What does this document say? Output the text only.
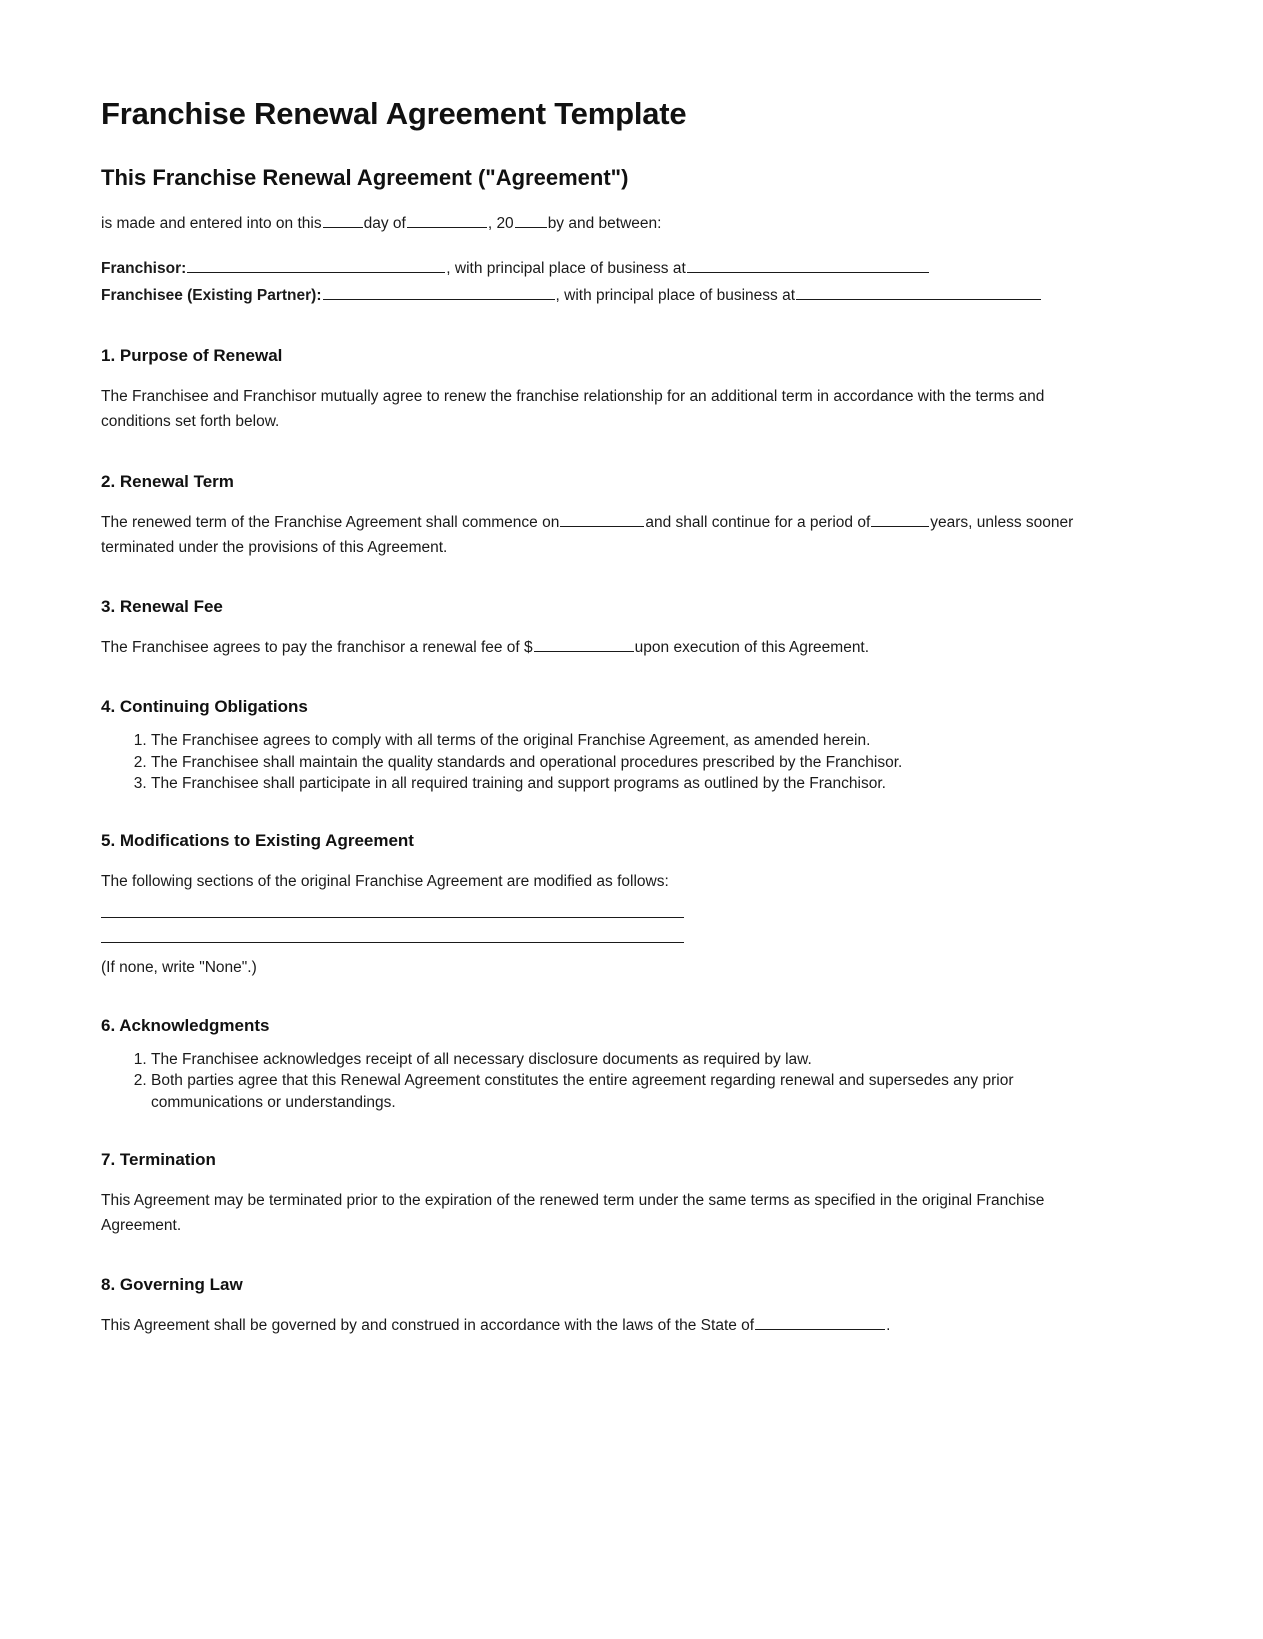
Franchise Renewal Agreement Template
This Franchise Renewal Agreement ("Agreement")

is made and entered into on this	day of	, 20 by and between:

Franchisor:	, with principal place of business at
Franchisee (Existing Partner):	, with principal place of business at
1. Purpose of Renewal

The Franchisee and Franchisor mutually agree to renew the franchise relationship for an additional term in accordance with the terms and conditions set forth below.

2. Renewal Term

The renewed term of the Franchise Agreement shall commence on	and shall continue for a period of	years, unless sooner terminated under the provisions of this Agreement.

3. Renewal Fee

The Franchisee agrees to pay the franchisor a renewal fee of $	upon execution of this Agreement.

4. Continuing Obligations
1. The Franchisee agrees to comply with all terms of the original Franchise Agreement, as amended herein.
2. The Franchisee shall maintain the quality standards and operational procedures prescribed by the Franchisor.
3. The Franchisee shall participate in all required training and support programs as outlined by the Franchisor.
5. Modifications to Existing Agreement

The following sections of the original Franchise Agreement are modified as follows:

(If none, write "None".)

6. Acknowledgments
1. The Franchisee acknowledges receipt of all necessary disclosure documents as required by law.
2. Both parties agree that this Renewal Agreement constitutes the entire agreement regarding renewal and supersedes any prior communications or understandings.
7. Termination

This Agreement may be terminated prior to the expiration of the renewed term under the same terms as specified in the original Franchise Agreement.

8. Governing Law

This Agreement shall be governed by and construed in accordance with the laws of the State of	.
